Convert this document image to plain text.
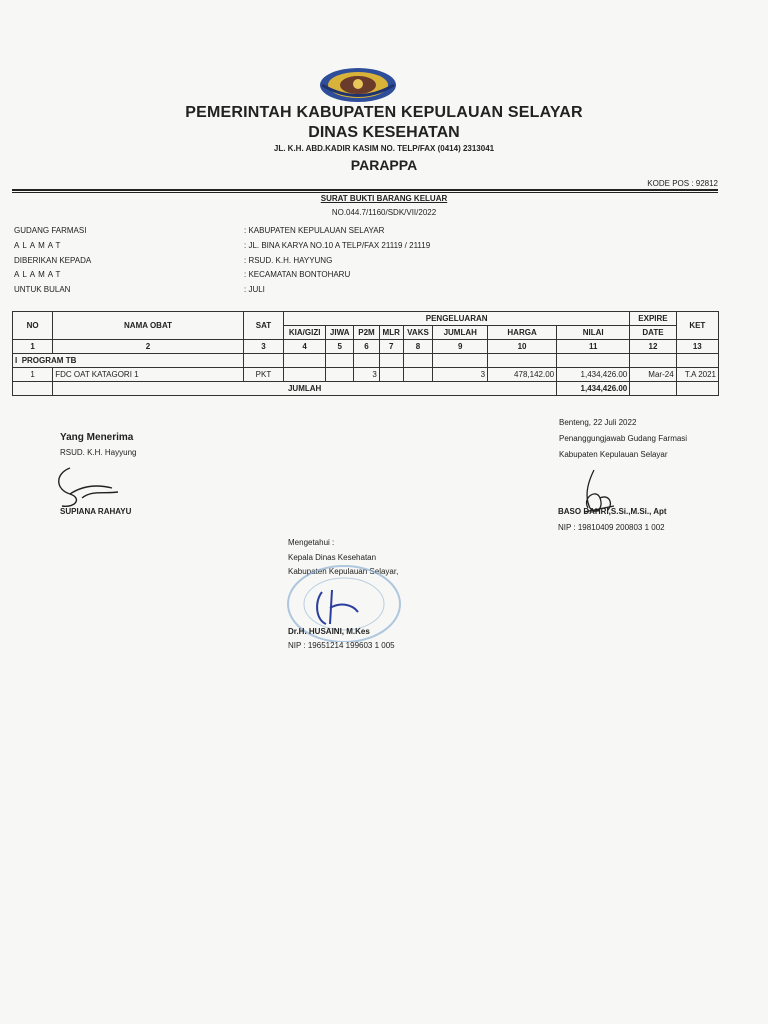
PEMERINTAH KABUPATEN KEPULAUAN SELAYAR
DINAS KESEHATAN
JL. K.H. ABD.KADIR KASIM NO. TELP/FAX (0414) 2313041
PARAPPA
KODE POS : 92812
SURAT BUKTI BARANG KELUAR
NO.044.7/1160/SDK/VII/2022
GUDANG FARMASI	: KABUPATEN KEPULAUAN SELAYAR
ALAMAT	: JL. BINA KARYA NO.10 A TELP/FAX 21119 / 21119
DIBERIKAN KEPADA	: RSUD. K.H. HAYYUNG
ALAMAT	: KECAMATAN BONTOHARU
UNTUK BULAN	: JULI
NO	NAMA OBAT	SAT	PENGELUARAN								EXPIRE	KET
			KIA/GIZI	JIWA	P2M	MLR	VAKS	JUMLAH	HARGA	NILAI	DATE	
1	2	3	4	5	6	7	8	9	10	11	12	13
I PROGRAM TB												
1	FDC OAT KATAGORI 1	PKT			3			3	478,142.00	1,434,426.00	Mar-24	T.A 2021
	JUMLAH									1,434,426.00		
Yang Menerima
RSUD. K.H. Hayyung
SUPIANA RAHAYU
Benteng, 22 Juli 2022
Penanggungjawab Gudang Farmasi
Kabupaten Kepulauan Selayar
BASO DAHRI,S.Si.,M.Si., Apt
NIP : 19810409 200803 1 002
Mengetahui :
Kepala Dinas Kesehatan
Kabupaten Kepulauan Selayar,
Dr.H. HUSAINI, M.Kes
NIP : 19651214 199603 1 005
